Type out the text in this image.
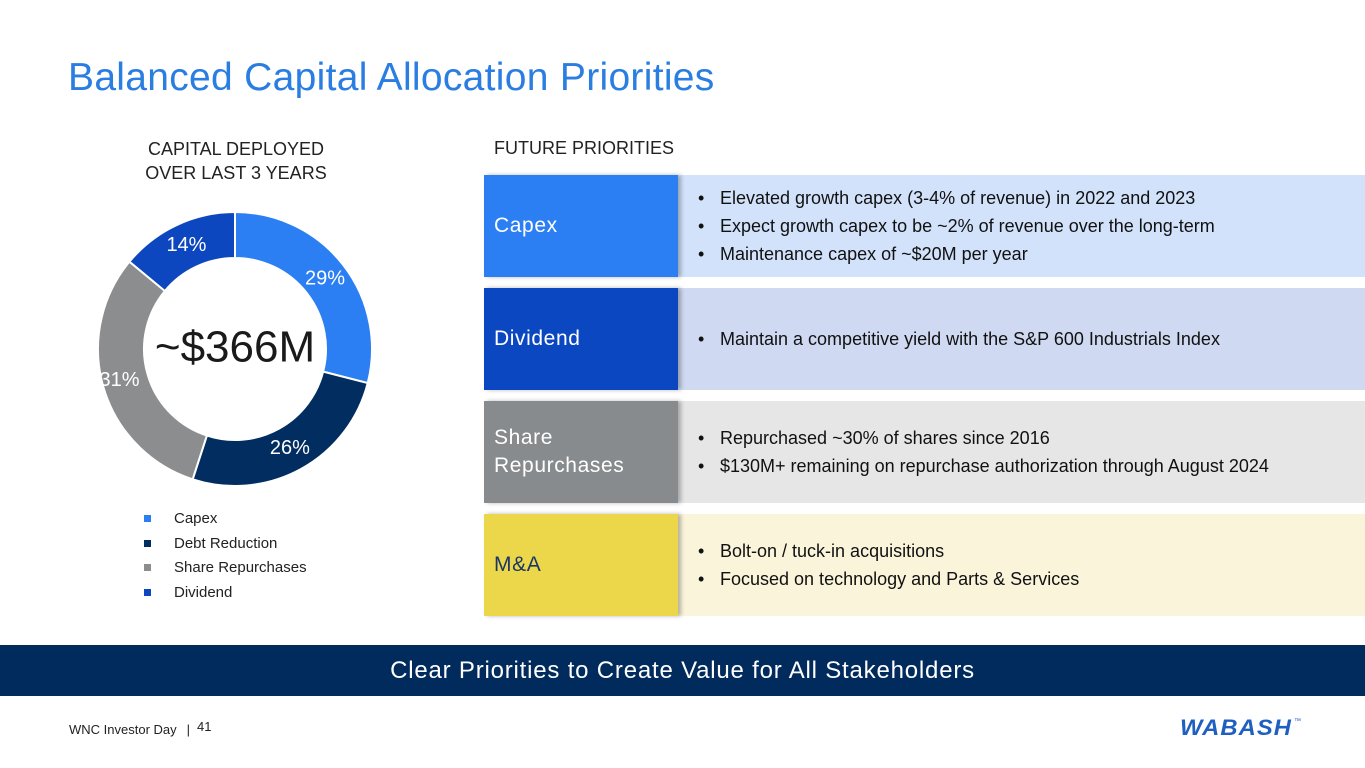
Balanced Capital Allocation Priorities
CAPITAL DEPLOYED
OVER LAST 3 YEARS
29%
26%
31%
14%
~$366M
Capex
Debt Reduction
Share Repurchases
Dividend
FUTURE PRIORITIES
Capex
• Elevated growth capex (3-4% of revenue) in 2022 and 2023
• Expect growth capex to be ~2% of revenue over the long-term
• Maintenance capex of ~$20M per year
Dividend
•	Maintain a competitive yield with the S&P 600 Industrials Index
Share
Repurchases
• Repurchased ~30% of shares since 2016
• $130M+ remaining on repurchase authorization through August 2024
M&A
• Bolt-on / tuck-in acquisitions
• Focused on technology and Parts & Services
Clear Priorities to Create Value for All Stakeholders
WNC Investor Day | 41	WABASH ™
